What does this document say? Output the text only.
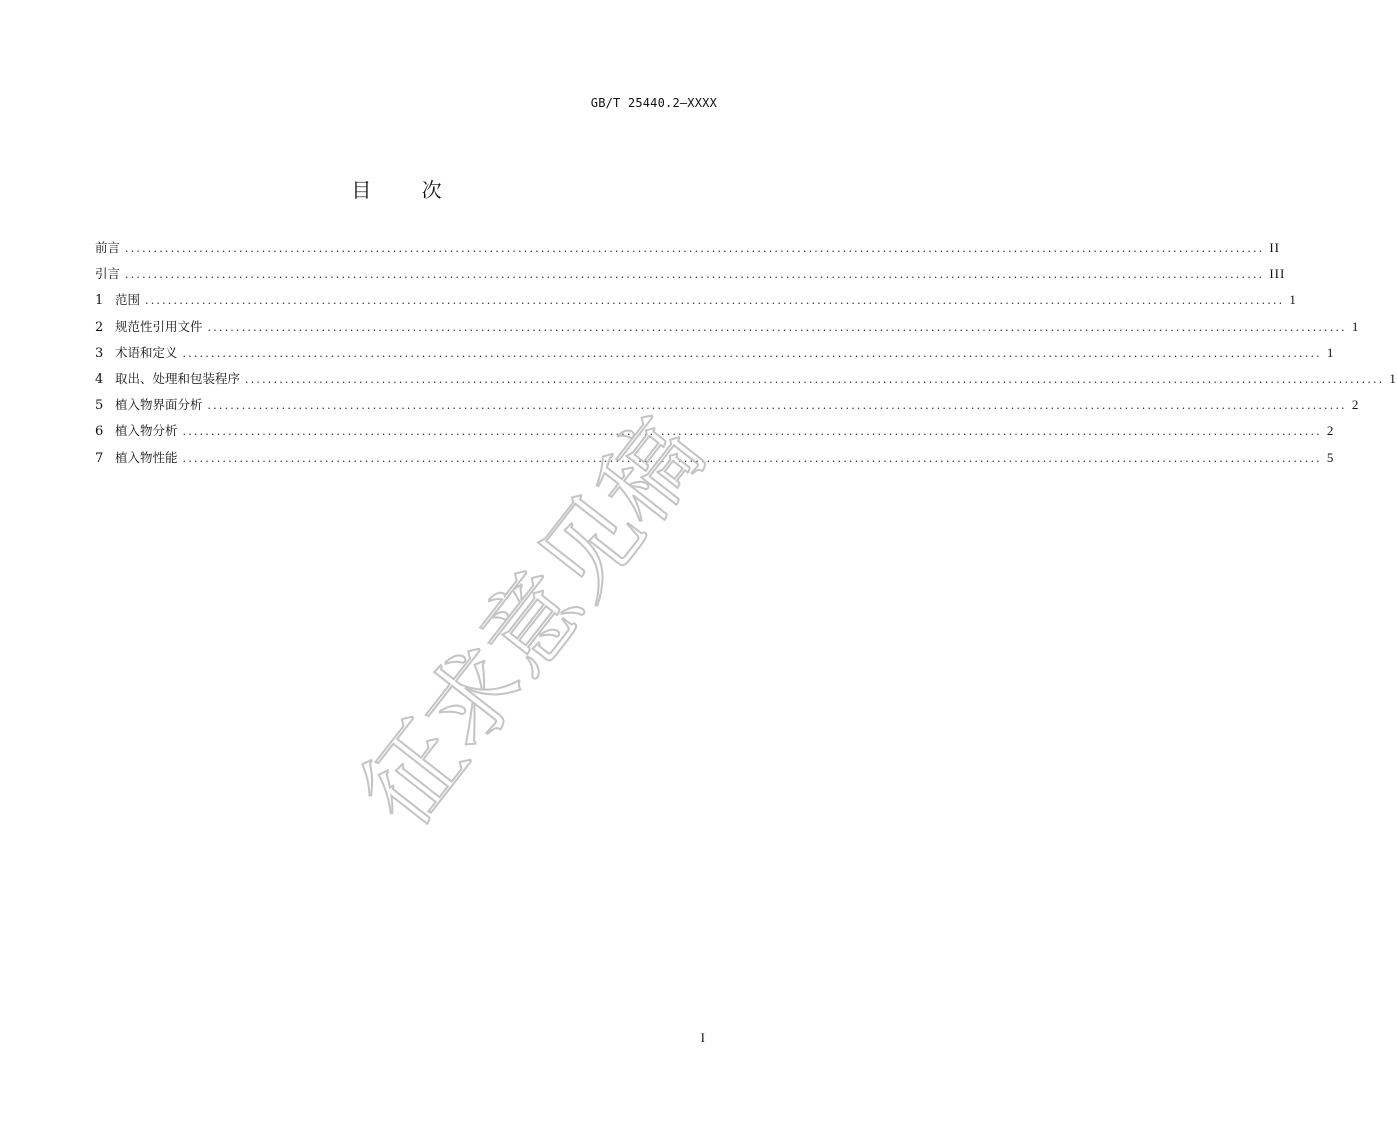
GB/T 25440.2—XXXX
目 次
前言 .....	II
引言 .....	III
1 范围 .....	1
2 规范性引用文件 .....	1
3 术语和定义 .....	1
4 取出、处理和包装程序 .....	1
5 植入物界面分析 .....	2
6 植入物分析 .....	2
7 植入物性能 .....	5
征求意见稿
I
